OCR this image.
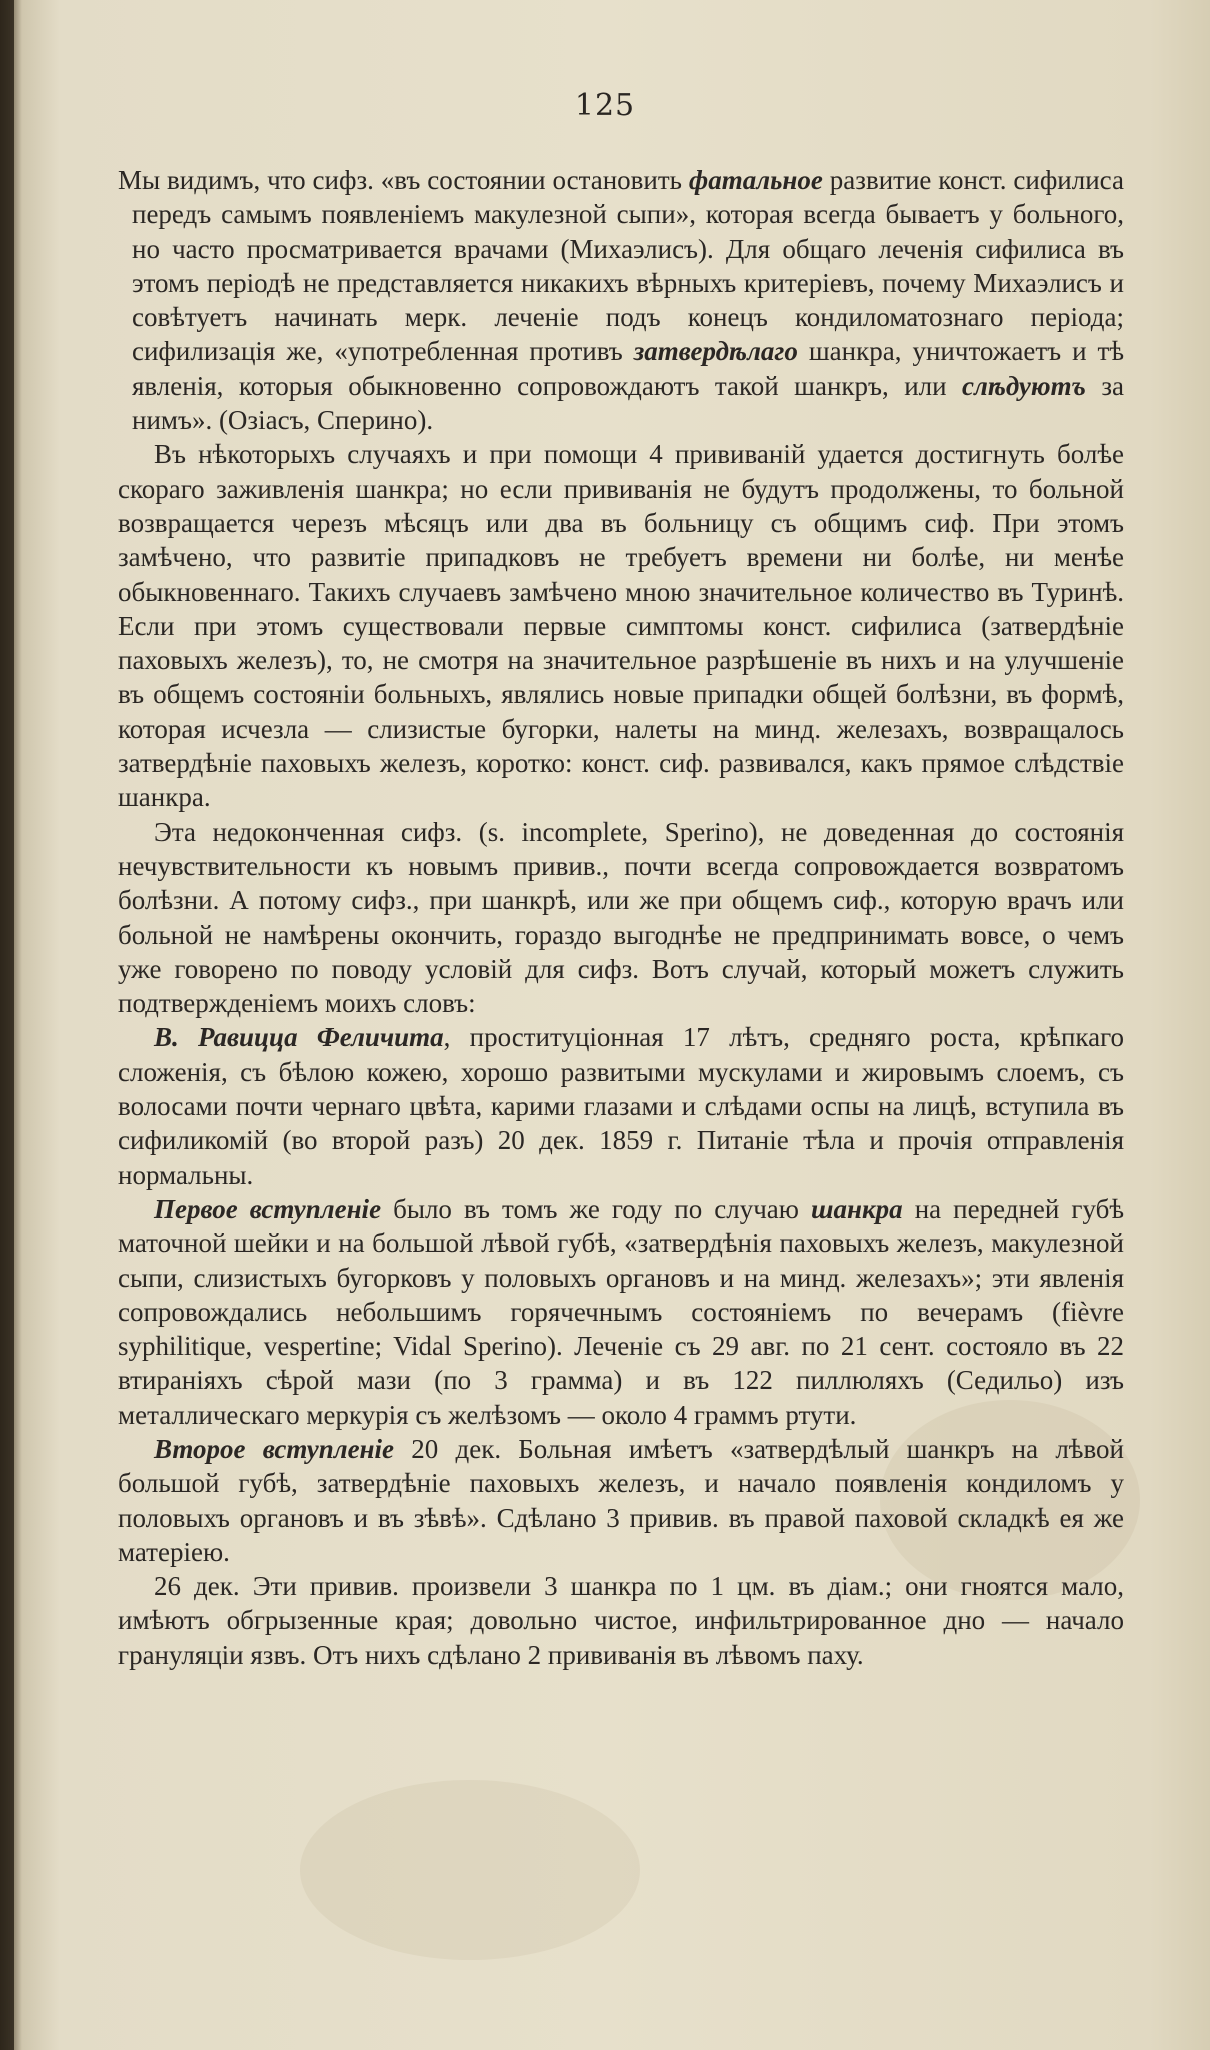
125

Мы видимъ, что сифз. «въ состоянии остановить фатальное развитие конст. сифилиса передъ самымъ появленіемъ макулезной сыпи», которая всегда бываетъ у больного, но часто просматривается врачами (Михаэлисъ). Для общаго леченія сифилиса въ этомъ періодѣ не представляется никакихъ вѣрныхъ критеріевъ, почему Михаэлисъ и совѣтуетъ начинать мерк. леченіе подъ конецъ кондиломатознаго періода; сифилизація же, «употребленная противъ затвердѣлаго шанкра, уничтожаетъ и тѣ явленія, которыя обыкновенно сопровождаютъ такой шанкръ, или слѣдуютъ за нимъ». (Озіасъ, Сперино).

Въ нѣкоторыхъ случаяхъ и при помощи 4 прививаній удается достигнуть болѣе скораго заживленія шанкра; но если прививанія не будутъ продолжены, то больной возвращается черезъ мѣсяцъ или два въ больницу съ общимъ сиф. При этомъ замѣчено, что развитіе припадковъ не требуетъ времени ни болѣе, ни менѣе обыкновеннаго. Такихъ случаевъ замѣчено мною значительное количество въ Туринѣ. Если при этомъ существовали первые симптомы конст. сифилиса (затвердѣніе паховыхъ железъ), то, не смотря на значительное разрѣшеніе въ нихъ и на улучшеніе въ общемъ состояніи больныхъ, являлись новые припадки общей болѣзни, въ формѣ, которая исчезла — слизистые бугорки, налеты на минд. железахъ, возвращалось затвердѣніе паховыхъ железъ, коротко: конст. сиф. развивался, какъ прямое слѣдствіе шанкра.

Эта недоконченная сифз. (s. incomplete, Sperino), не доведенная до состоянія нечувствительности къ новымъ привив., почти всегда сопровождается возвратомъ болѣзни. А потому сифз., при шанкрѣ, или же при общемъ сиф., которую врачъ или больной не намѣрены окончить, гораздо выгоднѣе не предпринимать вовсе, о чемъ уже говорено по поводу условій для сифз. Вотъ случай, который можетъ служить подтвержденіемъ моихъ словъ:

В. Равицца Феличита, проституціонная 17 лѣтъ, средняго роста, крѣпкаго сложенія, съ бѣлою кожею, хорошо развитыми мускулами и жировымъ слоемъ, съ волосами почти чернаго цвѣта, карими глазами и слѣдами оспы на лицѣ, вступила въ сифиликомій (во второй разъ) 20 дек. 1859 г. Питаніе тѣла и прочія отправленія нормальны.

Первое вступленіе было въ томъ же году по случаю шанкра на передней губѣ маточной шейки и на большой лѣвой губѣ, «затвердѣнія паховыхъ железъ, макулезной сыпи, слизистыхъ бугорковъ у половыхъ органовъ и на минд. железахъ»; эти явленія сопровождались небольшимъ горячечнымъ состояніемъ по вечерамъ (fièvre syphilitique, vespertine; Vidal Sperino). Леченіе съ 29 авг. по 21 сент. состояло въ 22 втираніяхъ сѣрой мази (по 3 грамма) и въ 122 пиллюляхъ (Седильо) изъ металлическаго меркурія съ желѣзомъ — около 4 граммъ ртути.

Второе вступленіе 20 дек. Больная имѣетъ «затвердѣлый шанкръ на лѣвой большой губѣ, затвердѣніе паховыхъ железъ, и начало появленія кондиломъ у половыхъ органовъ и въ зѣвѣ». Сдѣлано 3 привив. въ правой паховой складкѣ ея же матеріею.

26 дек. Эти привив. произвели 3 шанкра по 1 цм. въ діам.; они гноятся мало, имѣютъ обгрызенные края; довольно чистое, инфильтрированное дно — начало грануляціи язвъ. Отъ нихъ сдѣлано 2 прививанія въ лѣвомъ паху.
